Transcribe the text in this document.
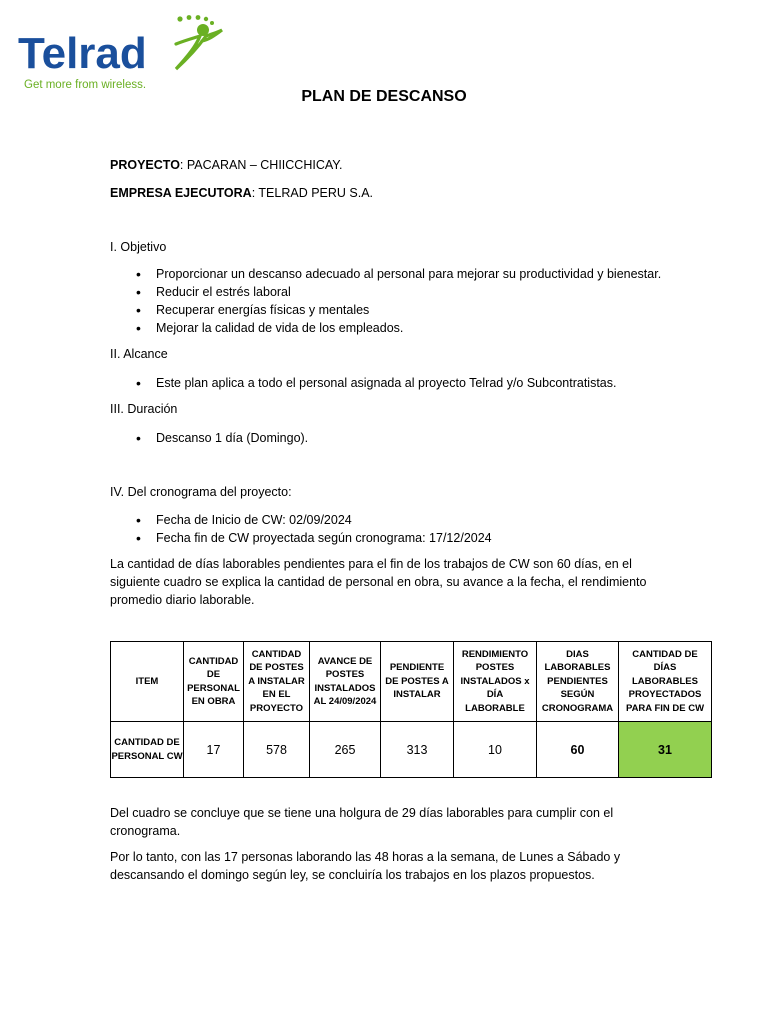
Telrad
Get more from wireless.
PLAN DE DESCANSO
PROYECTO: PACARAN – CHIICCHICAY.
EMPRESA EJECUTORA: TELRAD PERU S.A.
I. Objetivo
• Proporcionar un descanso adecuado al personal para mejorar su productividad y bienestar.
• Reducir el estrés laboral
• Recuperar energías físicas y mentales
• Mejorar la calidad de vida de los empleados.
II. Alcance
• Este plan aplica a todo el personal asignada al proyecto Telrad y/o Subcontratistas.
III. Duración
• Descanso 1 día (Domingo).
IV. Del cronograma del proyecto:
• Fecha de Inicio de CW: 02/09/2024
• Fecha fin de CW proyectada según cronograma: 17/12/2024
La cantidad de días laborables pendientes para el fin de los trabajos de CW son 60 días, en el siguiente cuadro se explica la cantidad de personal en obra, su avance a la fecha, el rendimiento promedio diario laborable.
ITEM	CANTIDAD DE PERSONAL EN OBRA	CANTIDAD DE POSTES A INSTALAR EN EL PROYECTO	AVANCE DE POSTES INSTALADOS AL 24/09/2024	PENDIENTE DE POSTES A INSTALAR	RENDIMIENTO POSTES INSTALADOS x DÍA LABORABLE	DIAS LABORABLES PENDIENTES SEGÚN CRONOGRAMA	CANTIDAD DE DÍAS LABORABLES PROYECTADOS PARA FIN DE CW
CANTIDAD DE PERSONAL CW	17	578	265	313	10	60	31
Del cuadro se concluye que se tiene una holgura de 29 días laborables para cumplir con el cronograma.
Por lo tanto, con las 17 personas laborando las 48 horas a la semana, de Lunes a Sábado y descansando el domingo según ley, se concluiría los trabajos en los plazos propuestos.
